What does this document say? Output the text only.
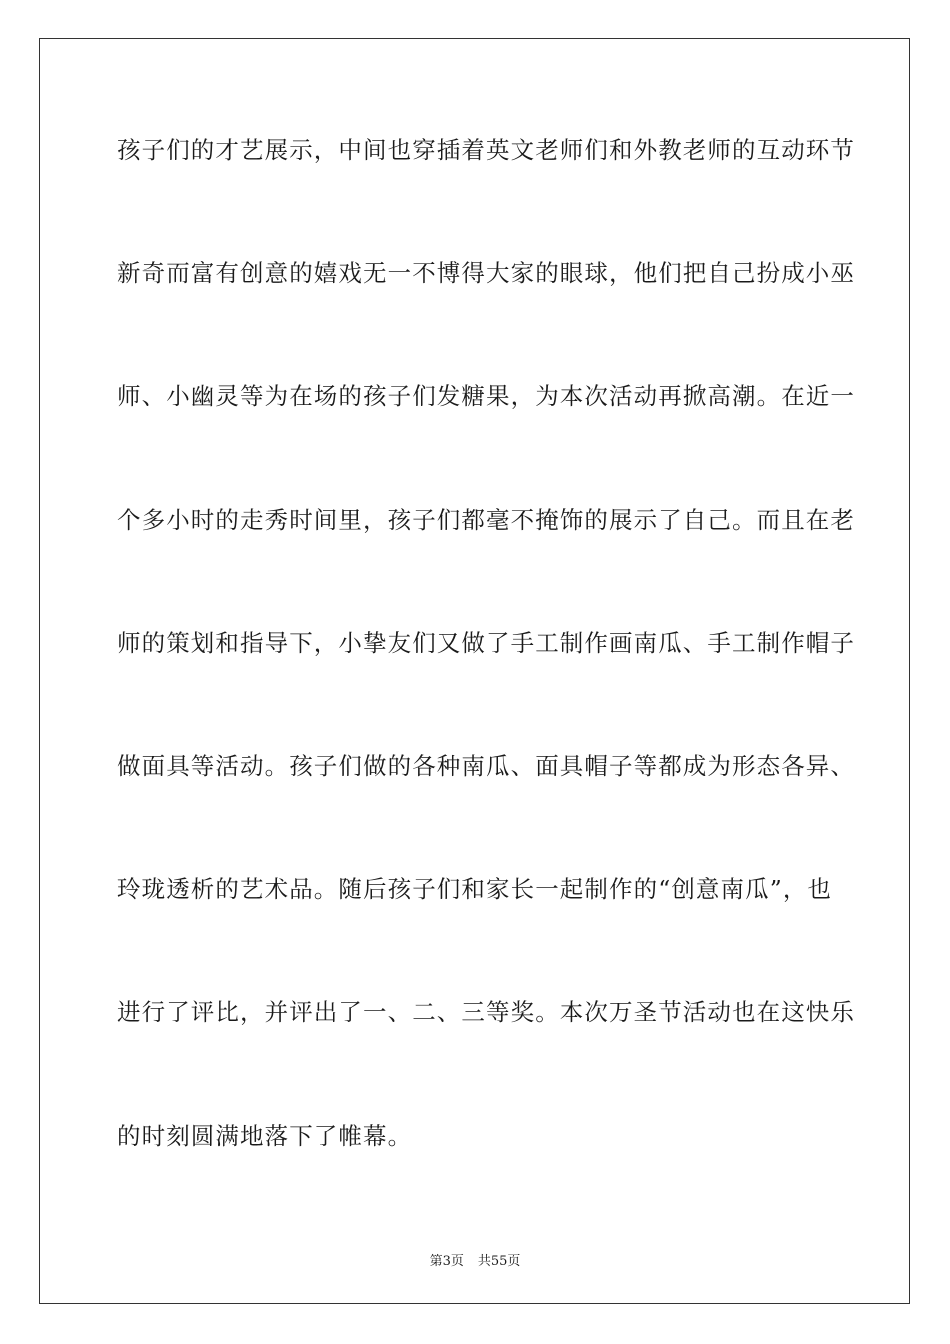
孩子们的才艺展示，中间也穿插着英文老师们和外教老师的互动环节
新奇而富有创意的嬉戏无一不博得大家的眼球，他们把自己扮成小巫
师、小幽灵等为在场的孩子们发糖果，为本次活动再掀高潮。在近一
个多小时的走秀时间里，孩子们都毫不掩饰的展示了自己。而且在老
师的策划和指导下，小挚友们又做了手工制作画南瓜、手工制作帽子
做面具等活动。孩子们做的各种南瓜、面具帽子等都成为形态各异、
玲珑透析的艺术品。随后孩子们和家长一起制作的“创意南瓜”，也
进行了评比，并评出了一、二、三等奖。本次万圣节活动也在这快乐
的时刻圆满地落下了帷幕。
第3页 共55页
